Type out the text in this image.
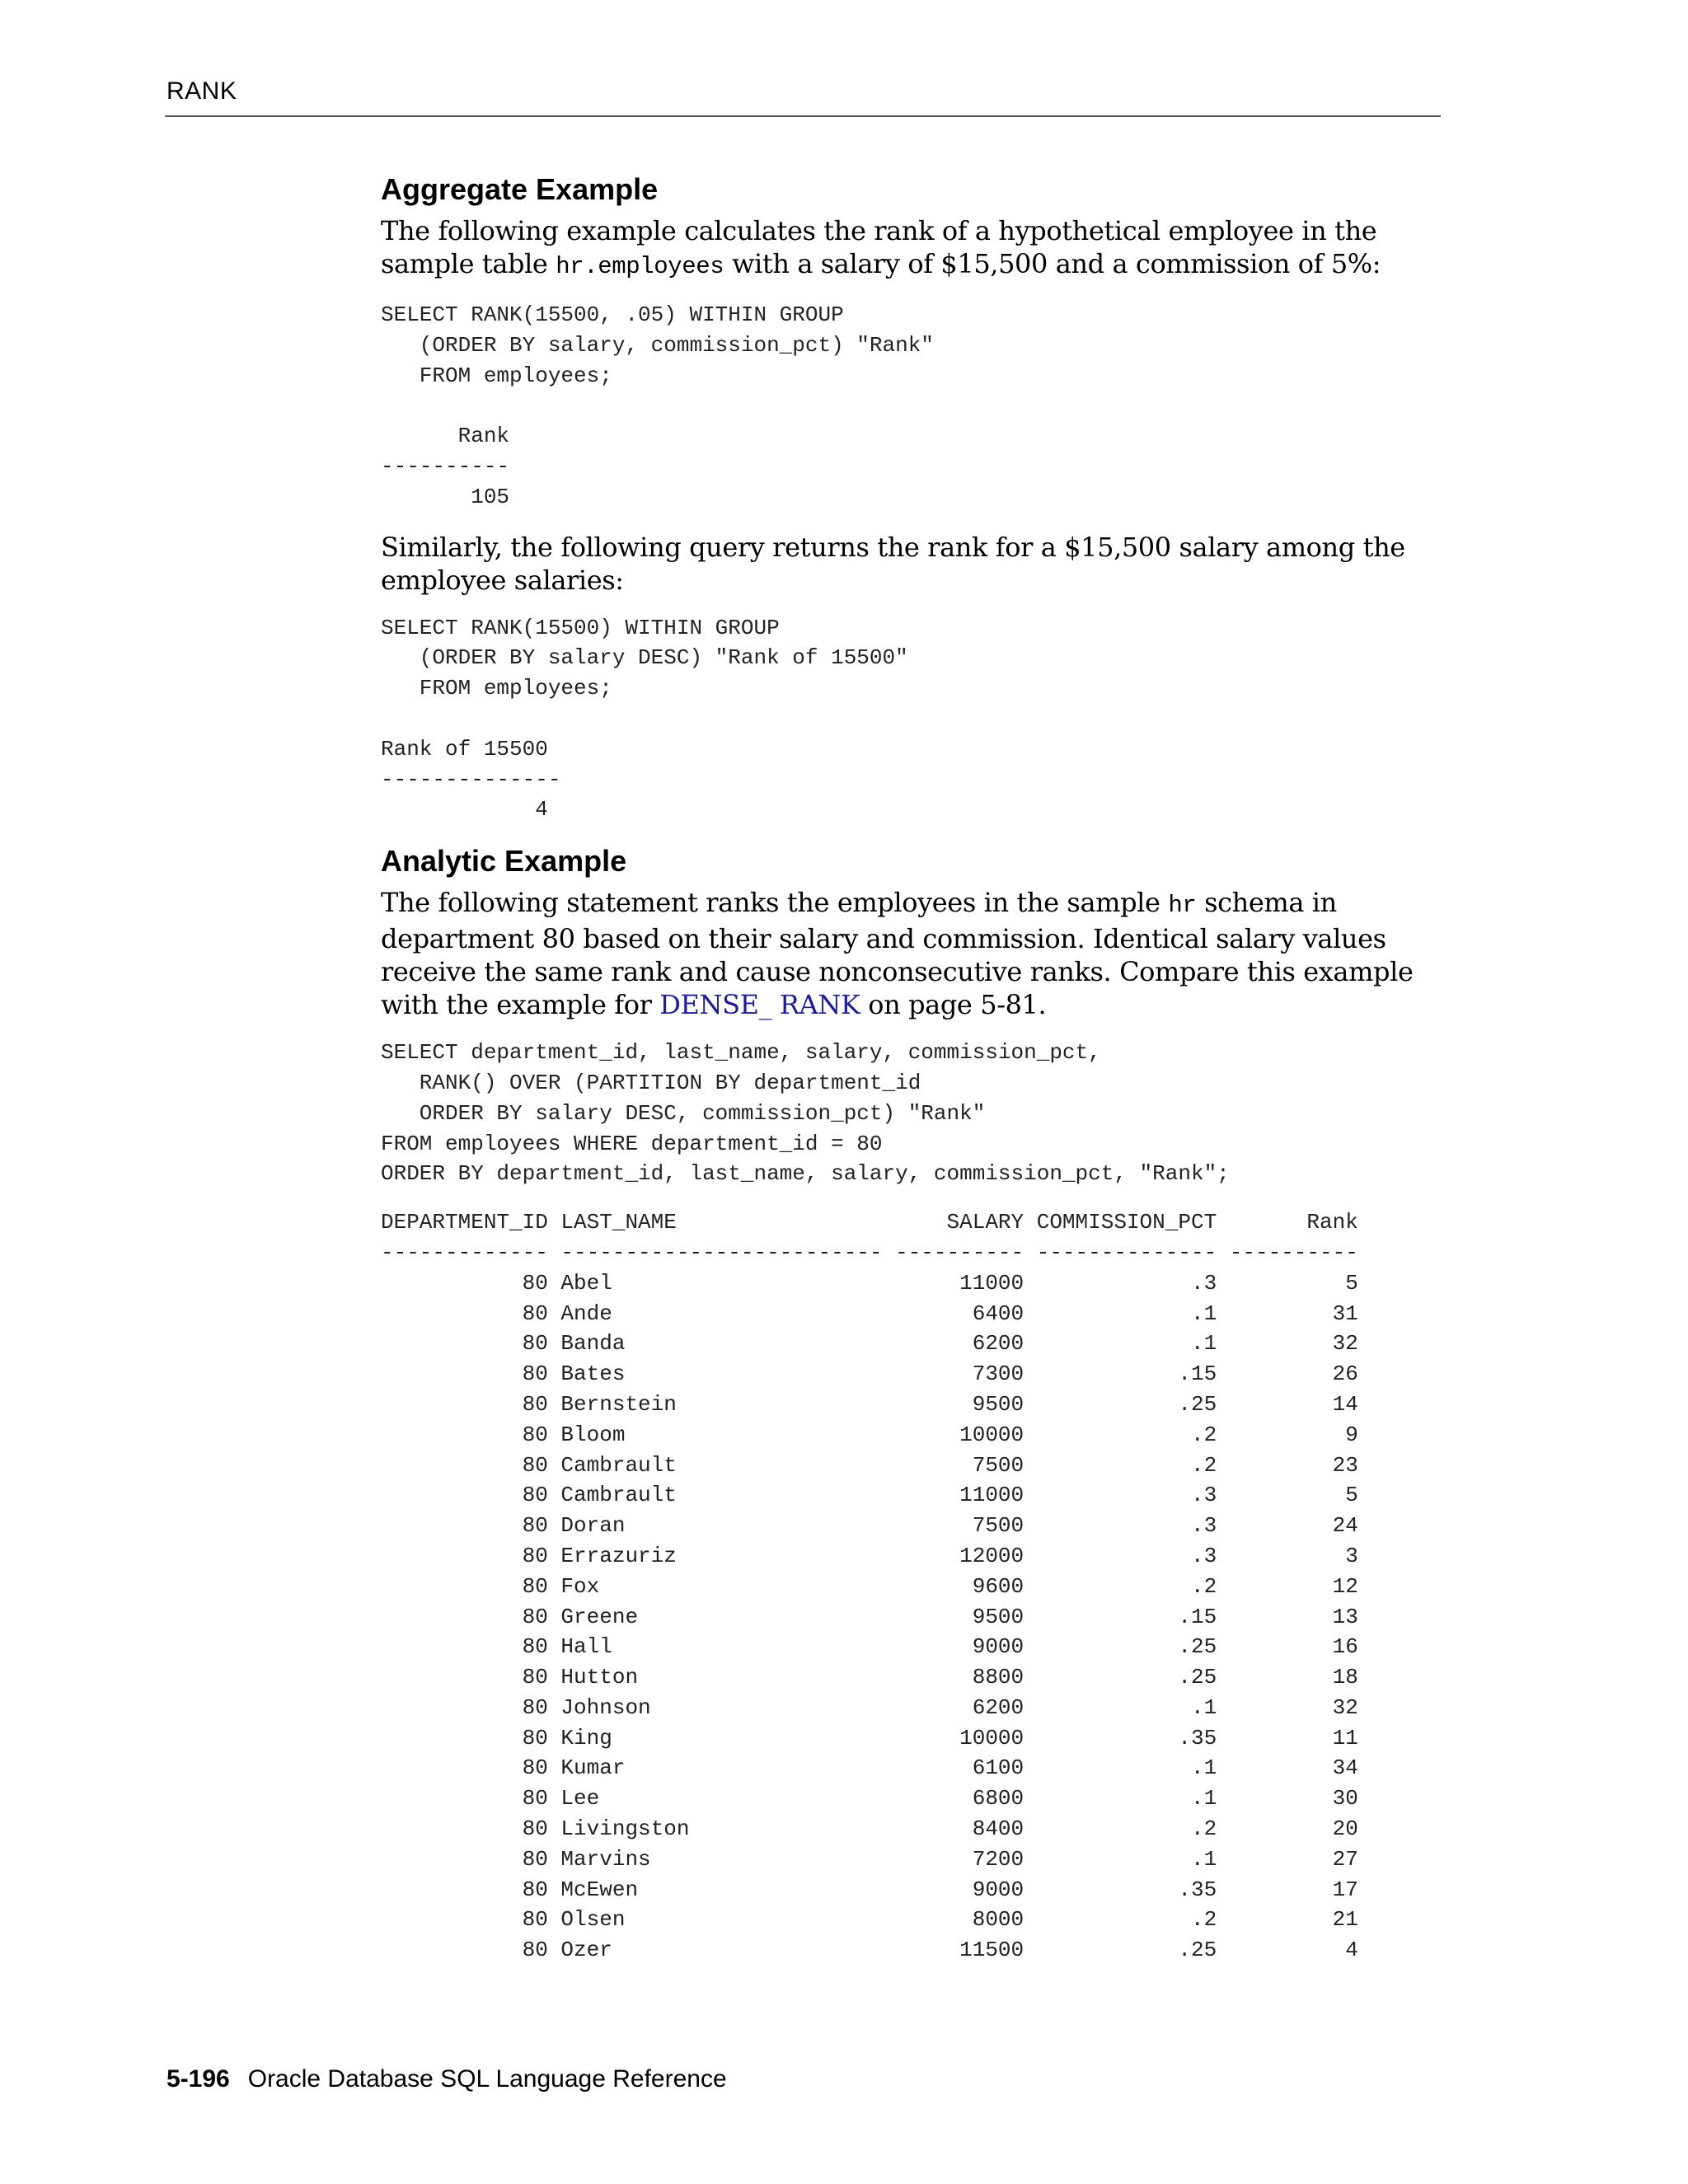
RANK
Aggregate Example

The following example calculates the rank of a hypothetical employee in the sample table hr.employees with a salary of $15,500 and a commission of 5%:

SELECT RANK(15500, .05) WITHIN GROUP
(ORDER BY salary, commission_pct) "Rank"
FROM employees;

Rank
----------
105

Similarly, the following query returns the rank for a $15,500 salary among the employee salaries:

SELECT RANK(15500) WITHIN GROUP
(ORDER BY salary DESC) "Rank of 15500"
FROM employees;

Rank of 15500
--------------
4
Analytic Example

The following statement ranks the employees in the sample hr schema in department 80 based on their salary and commission. Identical salary values receive the same rank and cause nonconsecutive ranks. Compare this example with the example for DENSE_ RANK on page 5-81.

SELECT department_id, last_name, salary, commission_pct,
RANK() OVER (PARTITION BY department_id
ORDER BY salary DESC, commission_pct) "Rank"
FROM employees WHERE department_id = 80
ORDER BY department_id, last_name, salary, commission_pct, "Rank";
DEPARTMENT_ID LAST_NAME                     SALARY COMMISSION_PCT       Rank
------------- ------------------------- ---------- -------------- ----------
80 Abel                           11000             .3          5
80 Ande                            6400             .1         31
80 Banda                           6200             .1         32
80 Bates                           7300            .15         26
80 Bernstein                       9500            .25         14
80 Bloom                          10000             .2          9
80 Cambrault                       7500             .2         23
80 Cambrault                      11000             .3          5
80 Doran                           7500             .3         24
80 Errazuriz                      12000             .3          3
80 Fox                             9600             .2         12
80 Greene                          9500            .15         13
80 Hall                            9000            .25         16
80 Hutton                          8800            .25         18
80 Johnson                         6200             .1         32
80 King                           10000            .35         11
80 Kumar                           6100             .1         34
80 Lee                             6800             .1         30
80 Livingston                      8400             .2         20
80 Marvins                         7200             .1         27
80 McEwen                          9000            .35         17
80 Olsen                           8000             .2         21
80 Ozer                           11500            .25          4
5-196 Oracle Database SQL Language Reference
